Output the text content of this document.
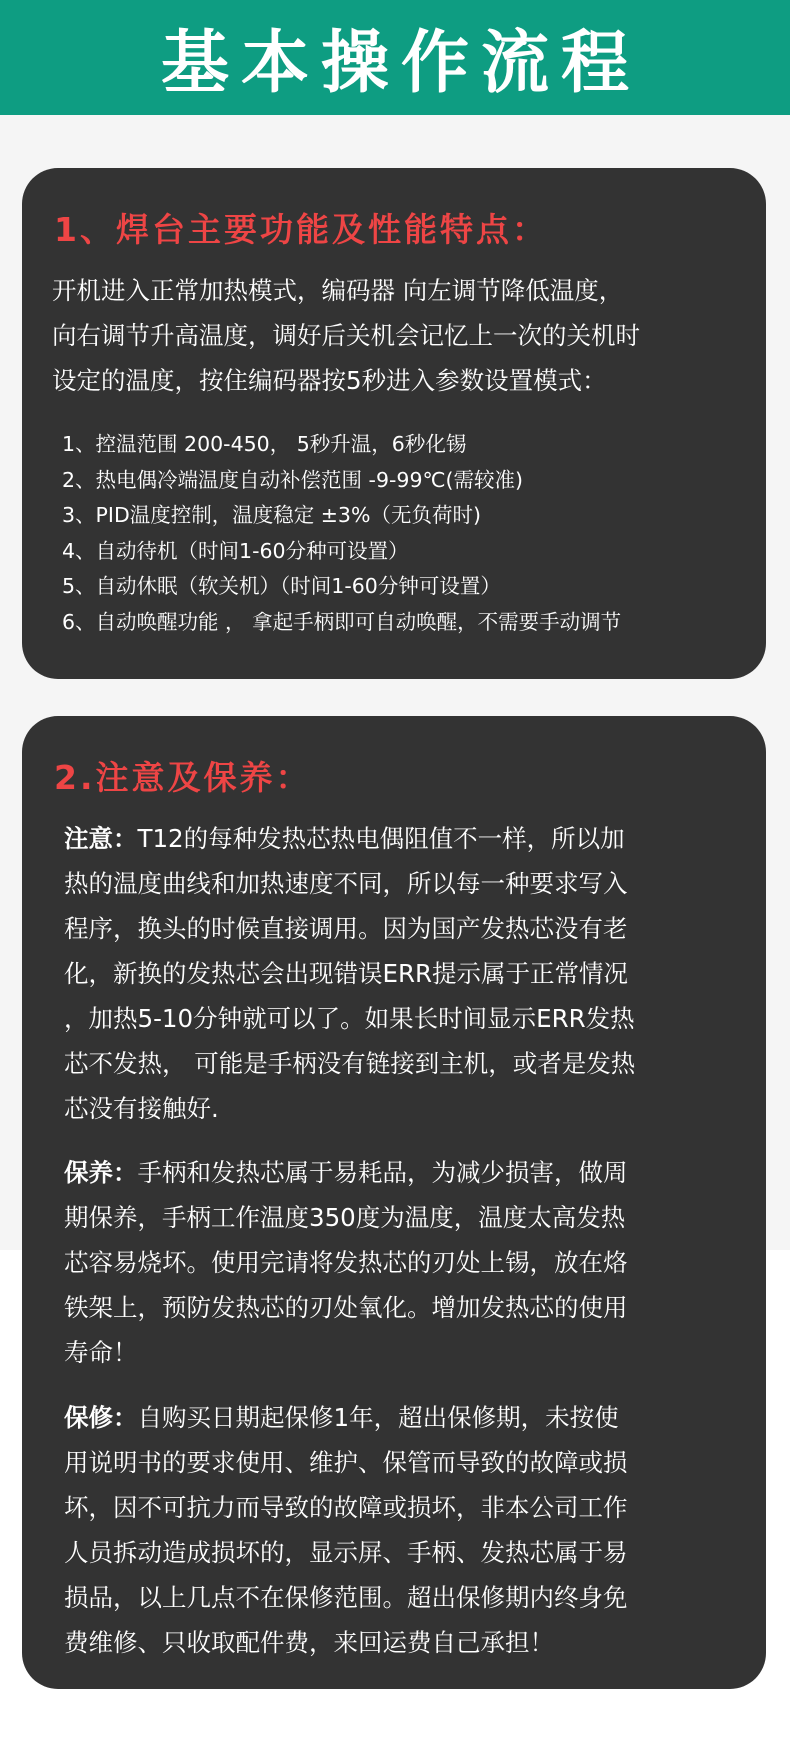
基本操作流程
1、焊台主要功能及性能特点：
开机进入正常加热模式，编码器 向左调节降低温度，
向右调节升高温度，调好后关机会记忆上一次的关机时
设定的温度，按住编码器按5秒进入参数设置模式：
1、控温范围 200-450， 5秒升温，6秒化锡
2、热电偶冷端温度自动补偿范围 -9-99℃(需较准)
3、PID温度控制，温度稳定 ±3%（无负荷时)
4、自动待机（时间1-60分种可设置）
5、自动休眠（软关机）（时间1-60分钟可设置）
6、自动唤醒功能 ， 拿起手柄即可自动唤醒，不需要手动调节
2.注意及保养：
注意：T12的每种发热芯热电偶阻值不一样，所以加
热的温度曲线和加热速度不同，所以每一种要求写入
程序，换头的时候直接调用。因为国产发热芯没有老
化，新换的发热芯会出现错误ERR提示属于正常情况
，加热5-10分钟就可以了。如果长时间显示ERR发热
芯不发热， 可能是手柄没有链接到主机，或者是发热
芯没有接触好.
保养：手柄和发热芯属于易耗品，为减少损害，做周
期保养，手柄工作温度350度为温度，温度太高发热
芯容易烧坏。使用完请将发热芯的刃处上锡，放在烙
铁架上，预防发热芯的刃处氧化。增加发热芯的使用
寿命！
保修：自购买日期起保修1年，超出保修期，未按使
用说明书的要求使用、维护、保管而导致的故障或损
坏，因不可抗力而导致的故障或损坏，非本公司工作
人员拆动造成损坏的，显示屏、手柄、发热芯属于易
损品，以上几点不在保修范围。超出保修期内终身免
费维修、只收取配件费，来回运费自己承担！
